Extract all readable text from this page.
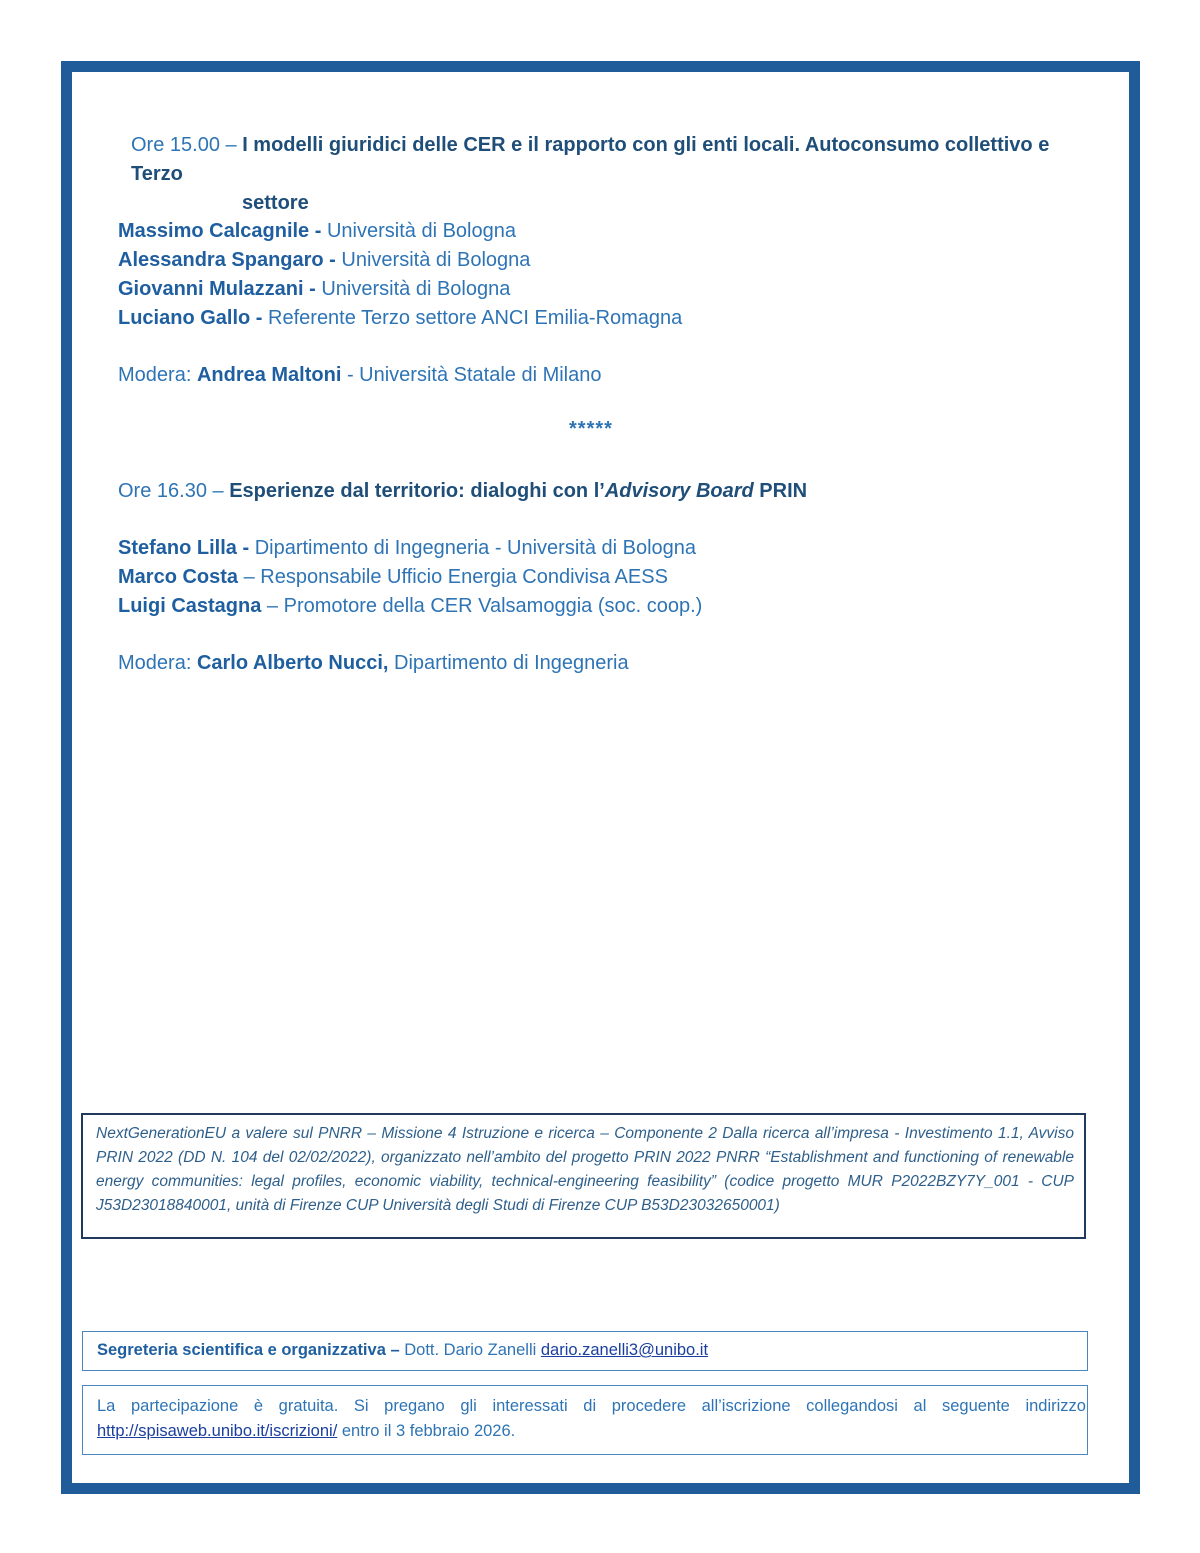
Ore 15.00 – I modelli giuridici delle CER e il rapporto con gli enti locali. Autoconsumo collettivo e Terzo
settore
Massimo Calcagnile - Università di Bologna
Alessandra Spangaro - Università di Bologna
Giovanni Mulazzani - Università di Bologna
Luciano Gallo - Referente Terzo settore ANCI Emilia-Romagna
Modera: Andrea Maltoni - Università Statale di Milano
*****
Ore 16.30 – Esperienze dal territorio: dialoghi con l’Advisory Board PRIN
Stefano Lilla - Dipartimento di Ingegneria - Università di Bologna
Marco Costa – Responsabile Ufficio Energia Condivisa AESS
Luigi Castagna – Promotore della CER Valsamoggia (soc. coop.)
Modera: Carlo Alberto Nucci, Dipartimento di Ingegneria
NextGenerationEU a valere sul PNRR – Missione 4 Istruzione e ricerca – Componente 2 Dalla ricerca all’impresa - Investimento 1.1, Avviso PRIN 2022 (DD N. 104 del 02/02/2022), organizzato nell’ambito del progetto PRIN 2022 PNRR “Establishment and functioning of renewable energy communities: legal profiles, economic viability, technical-engineering feasibility” (codice progetto MUR P2022BZY7Y_001 - CUP J53D23018840001, unità di Firenze CUP Università degli Studi di Firenze CUP B53D23032650001)
Segreteria scientifica e organizzativa – Dott. Dario Zanelli dario.zanelli3@unibo.it
La partecipazione è gratuita. Si pregano gli interessati di procedere all’iscrizione collegandosi al seguente indirizzo http://spisaweb.unibo.it/iscrizioni/ entro il 3 febbraio 2026.
